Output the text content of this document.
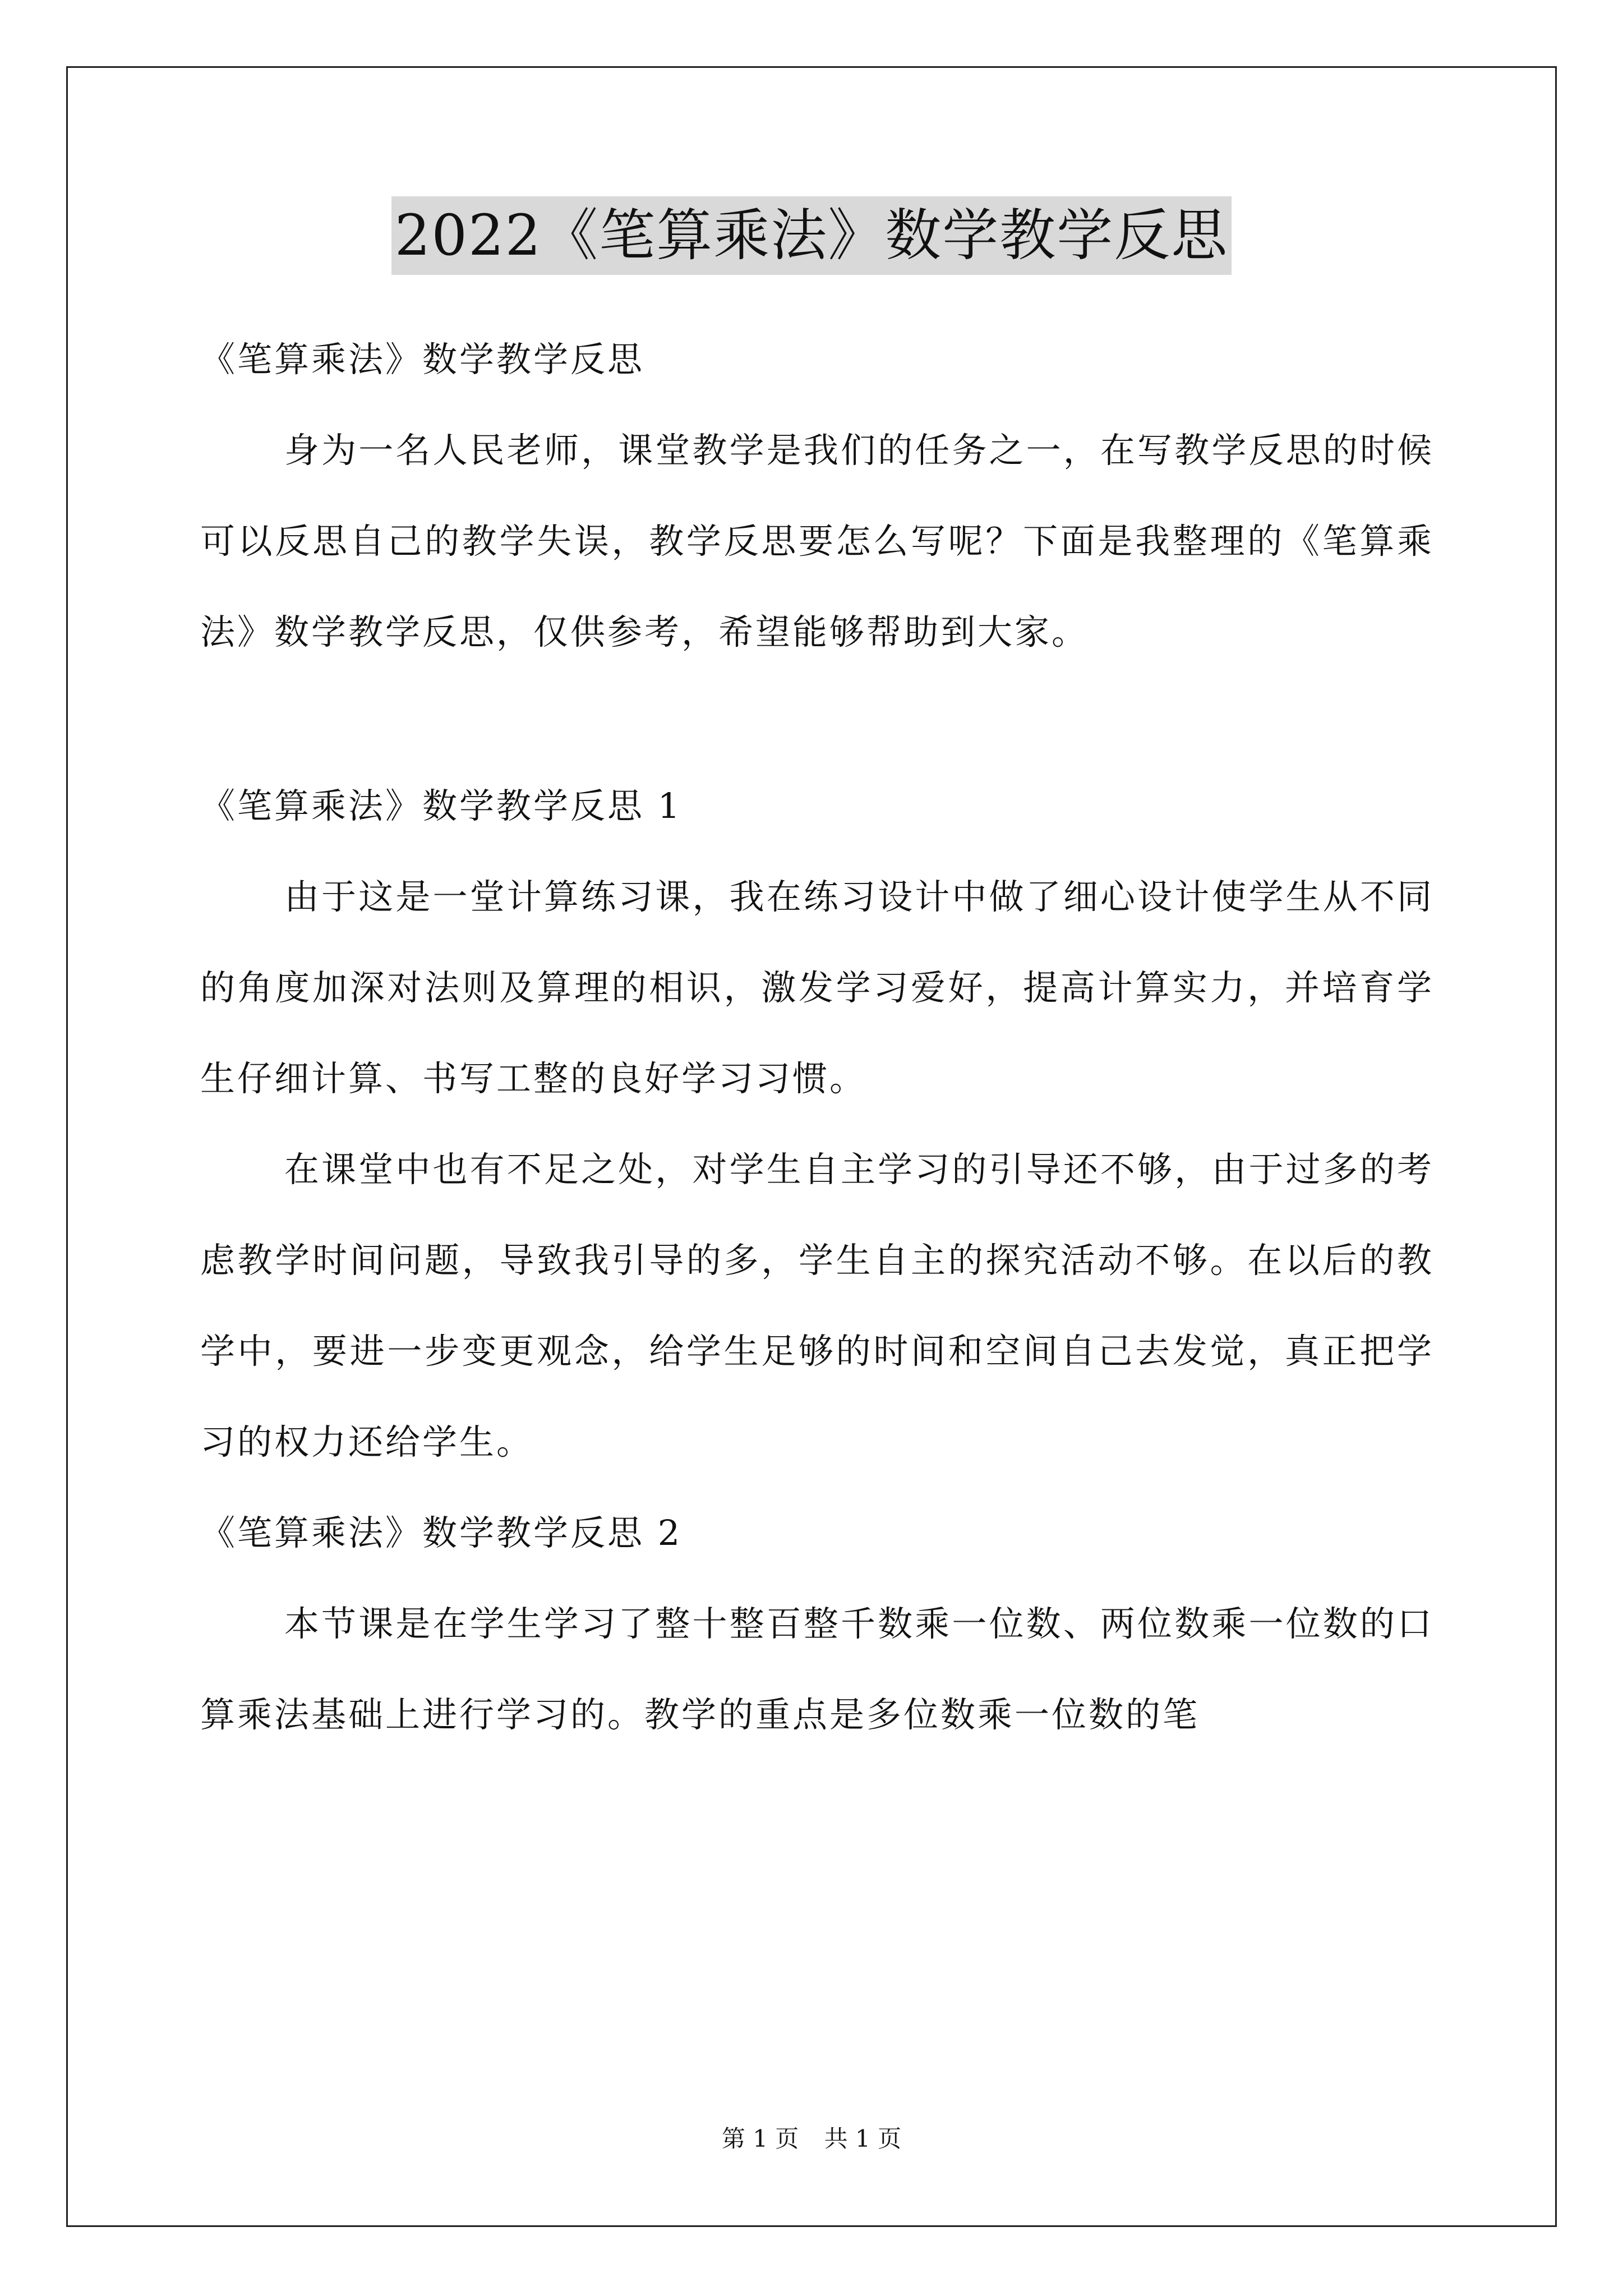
2022《笔算乘法》数学教学反思

《笔算乘法》数学教学反思

身为一名人民老师，课堂教学是我们的任务之一，在写教学反思的时候可以反思自己的教学失误，教学反思要怎么写呢？下面是我整理的《笔算乘法》数学教学反思，仅供参考，希望能够帮助到大家。

《笔算乘法》数学教学反思 1

由于这是一堂计算练习课，我在练习设计中做了细心设计使学生从不同的角度加深对法则及算理的相识，激发学习爱好，提高计算实力，并培育学生仔细计算、书写工整的良好学习习惯。

在课堂中也有不足之处，对学生自主学习的引导还不够，由于过多的考虑教学时间问题，导致我引导的多，学生自主的探究活动不够。在以后的教学中，要进一步变更观念，给学生足够的时间和空间自己去发觉，真正把学习的权力还给学生。

《笔算乘法》数学教学反思 2

本节课是在学生学习了整十整百整千数乘一位数、两位数乘一位数的口算乘法基础上进行学习的。教学的重点是多位数乘一位数的笔

第 1 页 共 1 页
